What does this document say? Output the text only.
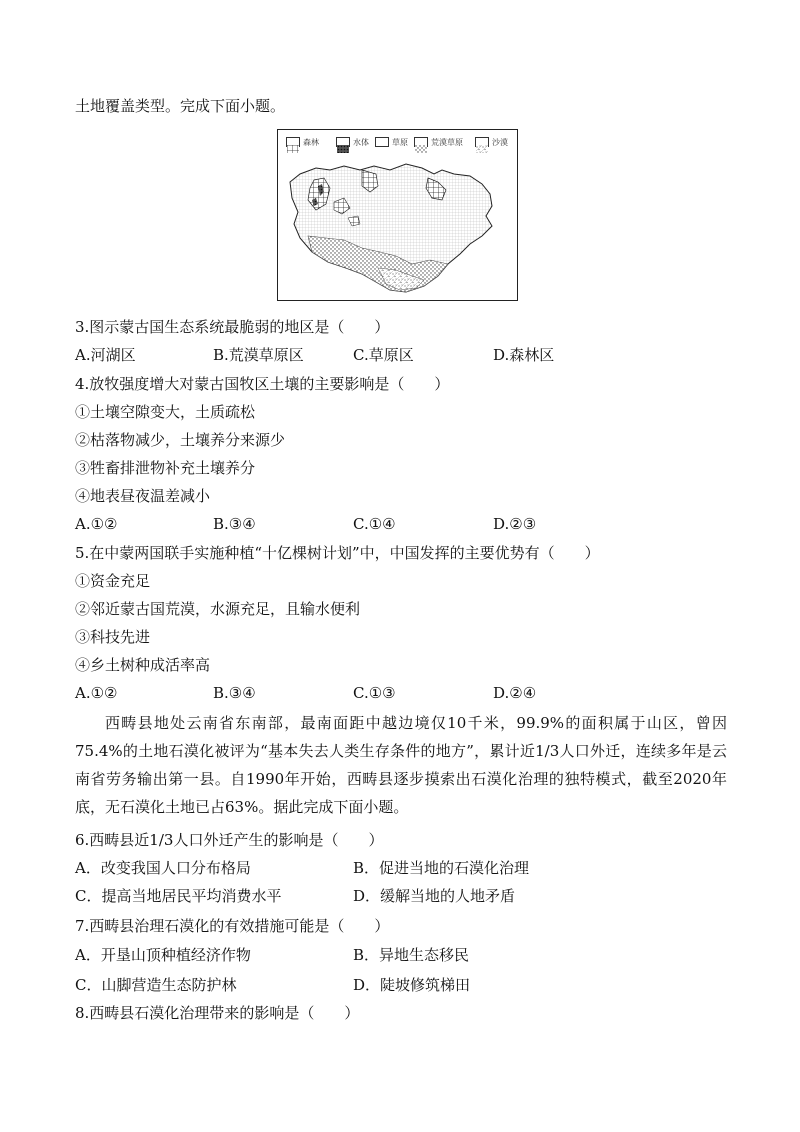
土地覆盖类型。完成下面小题。
森林	水体	草原	荒漠草原	沙漠
3.图示蒙古国生态系统最脆弱的地区是（　　）
A.河湖区	B.荒漠草原区	C.草原区	D.森林区
4.放牧强度增大对蒙古国牧区土壤的主要影响是（　　）
①土壤空隙变大，土质疏松
②枯落物减少，土壤养分来源少
③牲畜排泄物补充土壤养分
④地表昼夜温差减小
A.①②	B.③④	C.①④	D.②③
5.在中蒙两国联手实施种植“十亿棵树计划”中，中国发挥的主要优势有（　　）
①资金充足
②邻近蒙古国荒漠，水源充足，且输水便利
③科技先进
④乡土树种成活率高
A.①②	B.③④	C.①③	D.②④
西畴县地处云南省东南部，最南面距中越边境仅10千米，99.9%的面积属于山区，曾因75.4%的土地石漠化被评为“基本失去人类生存条件的地方”，累计近1/3人口外迁，连续多年是云南省劳务输出第一县。自1990年开始，西畴县逐步摸索出石漠化治理的独特模式，截至2020年底，无石漠化土地已占63%。据此完成下面小题。
6.西畴县近1/3人口外迁产生的影响是（　　）
A．改变我国人口分布格局	B．促进当地的石漠化治理
C．提高当地居民平均消费水平	D．缓解当地的人地矛盾
7.西畴县治理石漠化的有效措施可能是（　　）
A．开垦山顶种植经济作物	B．异地生态移民
C．山脚营造生态防护林	D．陡坡修筑梯田
8.西畴县石漠化治理带来的影响是（　　）
